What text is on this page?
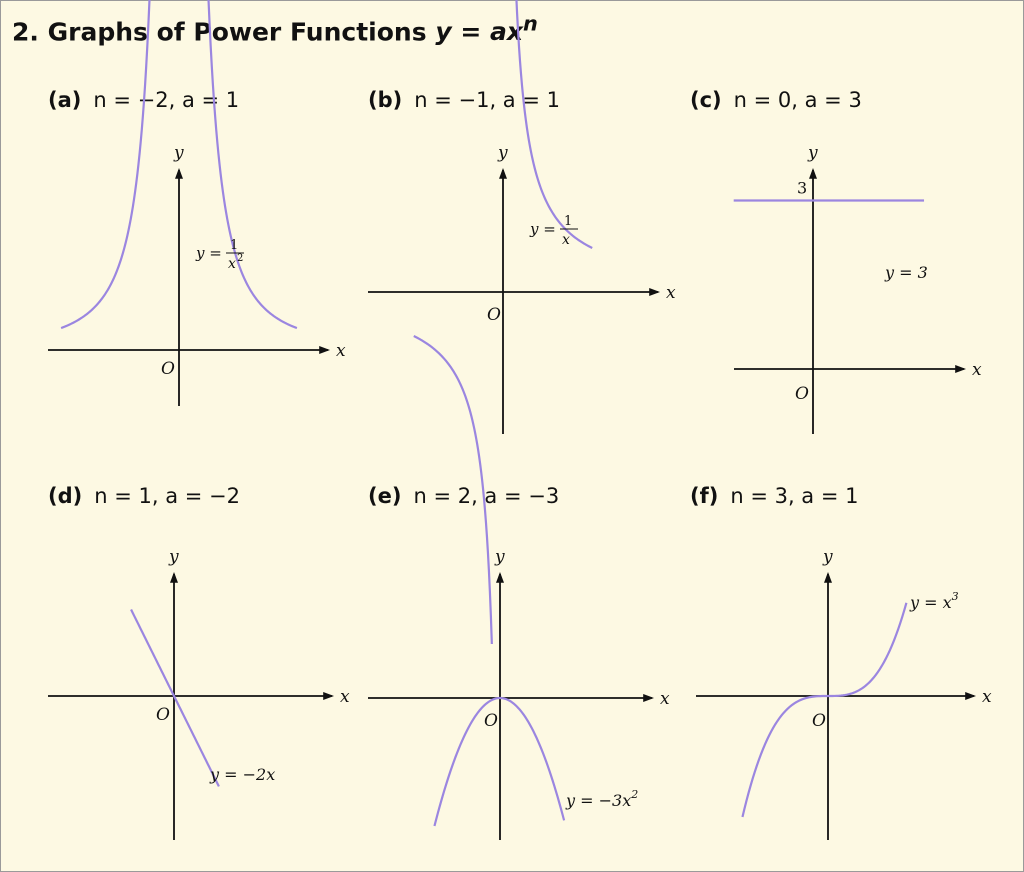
2. Graphs of Power Functions $y = ax^n$
(a) n = −2, a = 1
x
y
O
y = 1
x 2
(b) n = −1, a = 1
x
y
O
y = 1
x
(c) n = 0, a = 3
x
y
O
3
y = 3
(d) n = 1, a = −2
x
y
O
y = −2x
(e) n = 2, a = −3
x
y
O
$y = -3x^2$
(f) n = 3, a = 1
x
y
O
$y = x^3$
